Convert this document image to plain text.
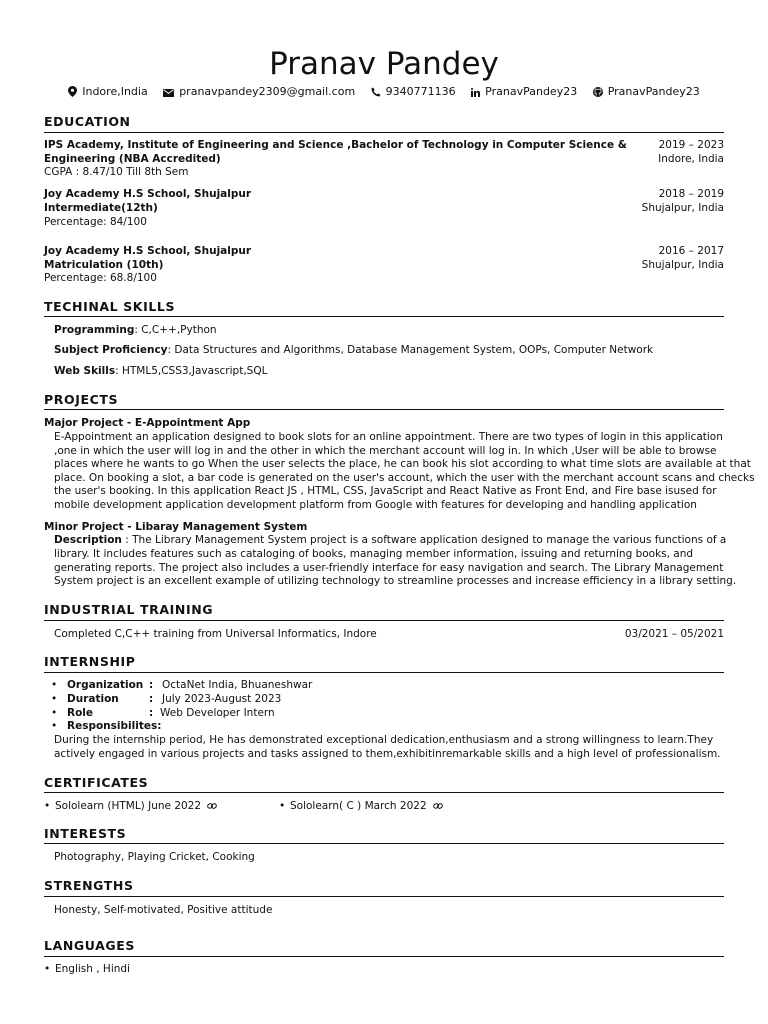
Pranav Pandey
Indore,India	pranavpandey2309@gmail.com	9340771136	PranavPandey23	PranavPandey23
EDUCATION
IPS Academy, Institute of Engineering and Science ,Bachelor of Technology in Computer Science &
Engineering (NBA Accredited)
CGPA : 8.47/10 Till 8th Sem
2019 – 2023
Indore, India
Joy Academy H.S School, Shujalpur
Intermediate(12th)
Percentage: 84/100
2018 – 2019
Shujalpur, India
Joy Academy H.S School, Shujalpur
Matriculation (10th)
Percentage: 68.8/100
2016 – 2017
Shujalpur, India
TECHINAL SKILLS
Programming: C,C++,Python
Subject Proficiency: Data Structures and Algorithms, Database Management System, OOPs, Computer Network
Web Skills: HTML5,CSS3,Javascript,SQL
PROJECTS
Major Project - E-Appointment App
E-Appointment an application designed to book slots for an online appointment. There are two types of login in this application
,one in which the user will log in and the other in which the merchant account will log in. In which ,User will be able to browse
places where he wants to go When the user selects the place, he can book his slot according to what time slots are available at that
place. On booking a slot, a bar code is generated on the user's account, which the user with the merchant account scans and checks
the user's booking. In this application React JS , HTML, CSS, JavaScript and React Native as Front End, and Fire base isused for
mobile development application development platform from Google with features for developing and handling application
Minor Project - Libaray Management System
Description : The Library Management System project is a software application designed to manage the various functions of a
library. It includes features such as cataloging of books, managing member information, issuing and returning books, and
generating reports. The project also includes a user-friendly interface for easy navigation and search. The Library Management
System project is an excellent example of utilizing technology to streamline processes and increase efficiency in a library setting.
INDUSTRIAL TRAINING
Completed C,C++ training from Universal Informatics, Indore	03/2021 – 05/2021
INTERNSHIP
• Organization : OctaNet India, Bhuaneshwar
• Duration	: July 2023-August 2023
• Role	: Web Developer Intern
• Responsibilites:
During the internship period, He has demonstrated exceptional dedication,enthusiasm and a strong willingness to learn.They
actively engaged in various projects and tasks assigned to them,exhibitinremarkable skills and a high level of professionalism.
CERTIFICATES
• Sololearn (HTML) June 2022	• Sololearn( C ) March 2022
INTERESTS
Photography, Playing Cricket, Cooking
STRENGTHS
Honesty, Self-motivated, Positive attitude
LANGUAGES
• English , Hindi
